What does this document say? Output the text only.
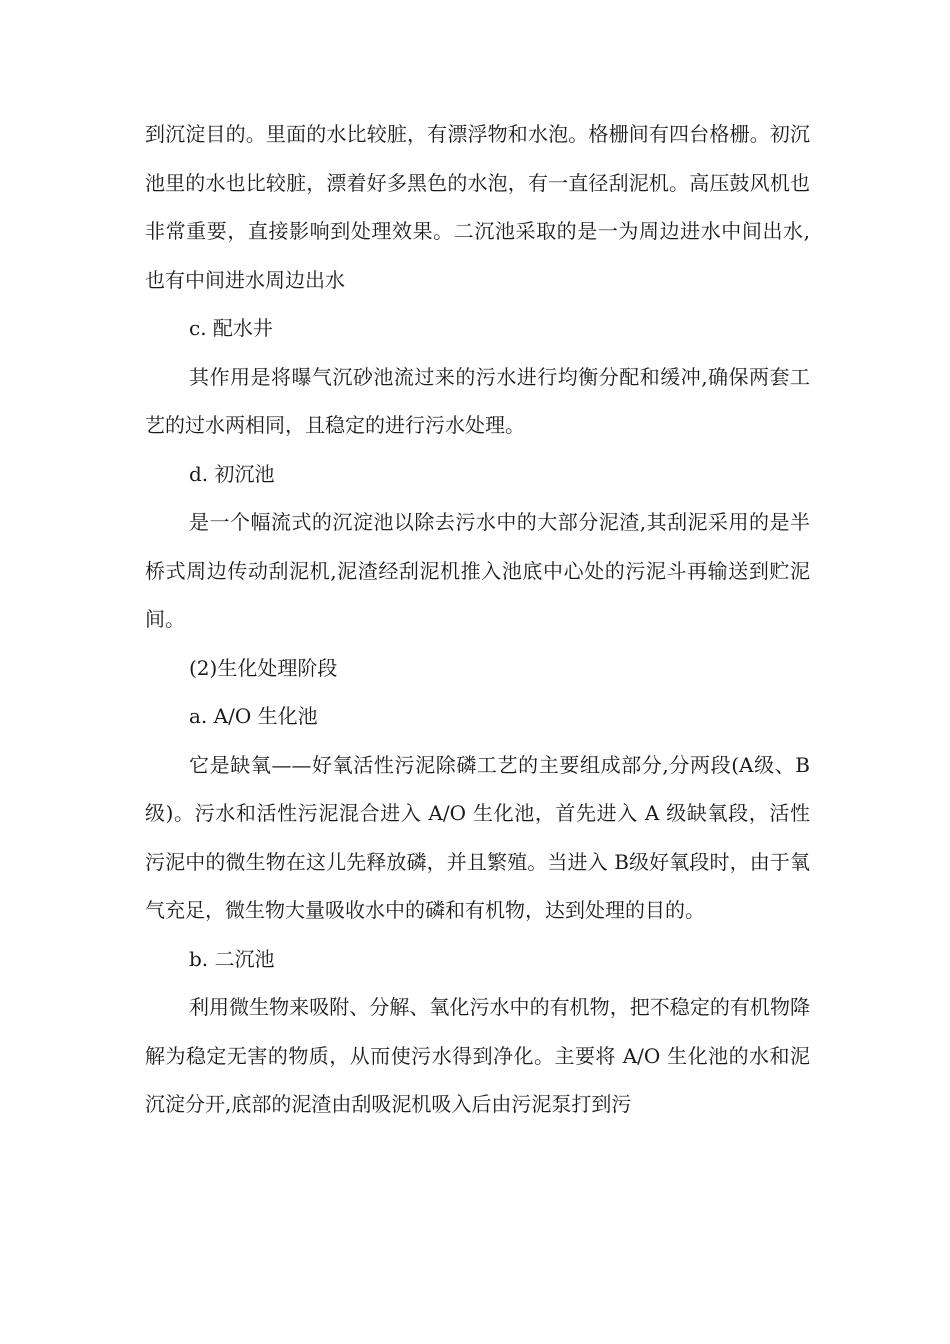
到沉淀目的。里面的水比较脏，有漂浮物和水泡。格栅间有四台格栅。初沉池里的水也比较脏，漂着好多黑色的水泡，有一直径刮泥机。高压鼓风机也非常重要，直接影响到处理效果。二沉池采取的是一为周边进水中间出水,也有中间进水周边出水

c. 配水井

其作用是将曝气沉砂池流过来的污水进行均衡分配和缓冲,确保两套工艺的过水两相同，且稳定的进行污水处理。

d. 初沉池

是一个幅流式的沉淀池以除去污水中的大部分泥渣,其刮泥采用的是半桥式周边传动刮泥机,泥渣经刮泥机推入池底中心处的污泥斗再输送到贮泥间。

(2)生化处理阶段

a. A/O 生化池

它是缺氧——好氧活性污泥除磷工艺的主要组成部分,分两段(A级、B 级)。污水和活性污泥混合进入 A/O 生化池，首先进入 A 级缺氧段，活性污泥中的微生物在这儿先释放磷，并且繁殖。当进入 B级好氧段时，由于氧气充足，微生物大量吸收水中的磷和有机物，达到处理的目的。

b. 二沉池

利用微生物来吸附、分解、氧化污水中的有机物，把不稳定的有机物降解为稳定无害的物质，从而使污水得到净化。主要将 A/O 生化池的水和泥沉淀分开,底部的泥渣由刮吸泥机吸入后由污泥泵打到污
